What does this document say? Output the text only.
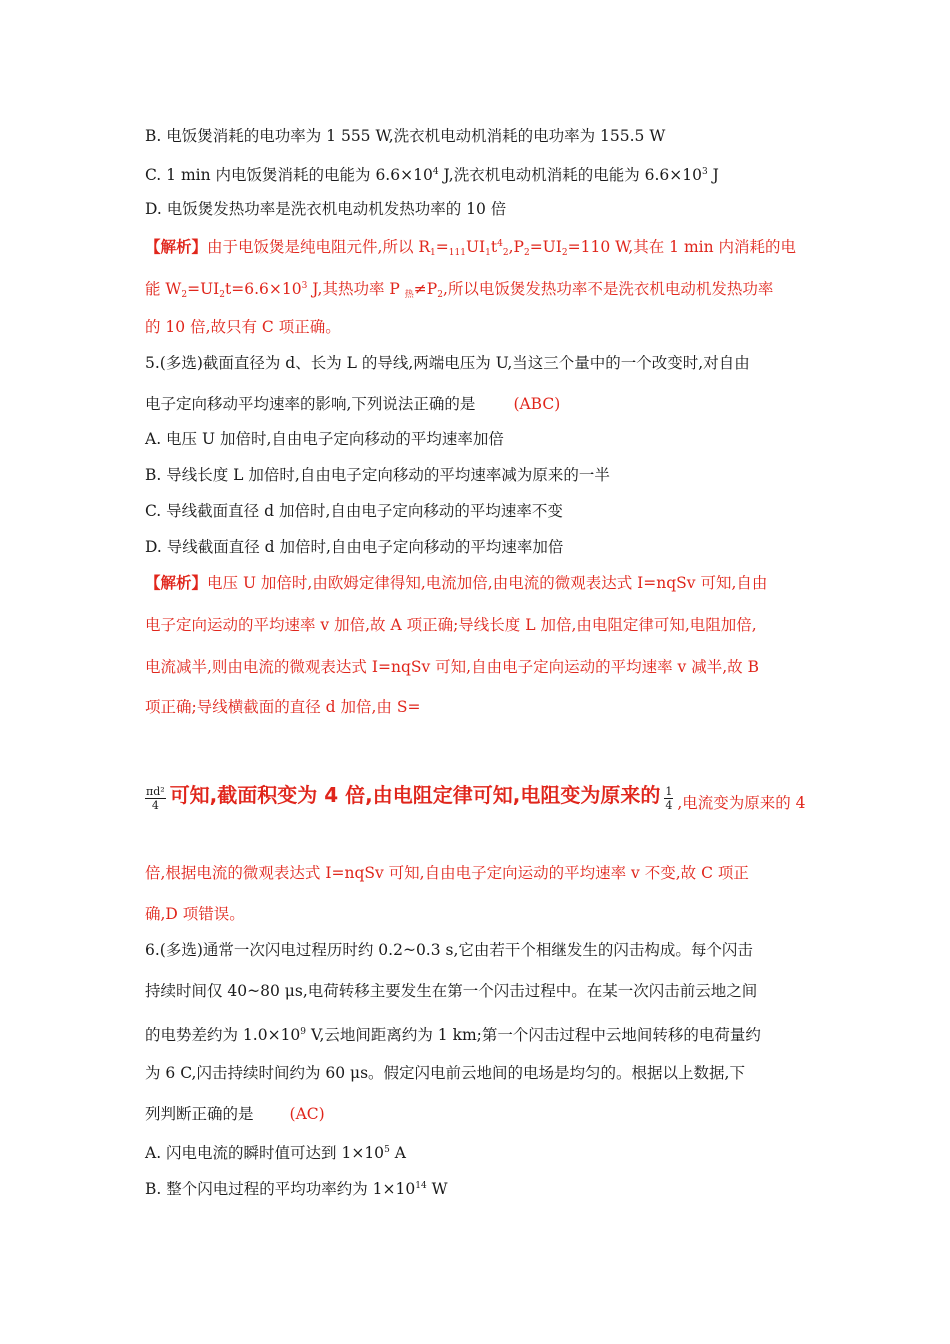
B. 电饭煲消耗的电功率为 1 555 W,洗衣机电动机消耗的电功率为 155.5 W
C. 1 min 内电饭煲消耗的电能为 $6.6\times 10^4$ J,洗衣机电动机消耗的电能为 $6.6\times 10^3$ J
D. 电饭煲发热功率是洗衣机电动机发热功率的 10 倍
【解析】由于电饭煲是纯电阻元件,所以 $R_1=_{111}UI_1t^4_2,P_2=UI_2=110$ W,其在 1 min 内消耗的电
能 $W_2=UI_2t=6.6\times 10^3$ J,其热功率 P $_热\ne P_2$,所以电饭煲发热功率不是洗衣机电动机发热功率
的 10 倍,故只有 C 项正确。
5.(多选)截面直径为 d、长为 L 的导线,两端电压为 U,当这三个量中的一个改变时,对自由
电子定向移动平均速率的影响,下列说法正确的是 (ABC)
A. 电压 U 加倍时,自由电子定向移动的平均速率加倍
B. 导线长度 L 加倍时,自由电子定向移动的平均速率减为原来的一半
C. 导线截面直径 d 加倍时,自由电子定向移动的平均速率不变
D. 导线截面直径 d 加倍时,自由电子定向移动的平均速率加倍
【解析】电压 U 加倍时,由欧姆定律得知,电流加倍,由电流的微观表达式 I=nqSv 可知,自由
电子定向运动的平均速率 v 加倍,故 A 项正确;导线长度 L 加倍,由电阻定律可知,电阻加倍,
电流减半,则由电流的微观表达式 I=nqSv 可知,自由电子定向运动的平均速率 v 减半,故 B
项正确;导线横截面的直径 d 加倍,由 S=
$\frac{\text{πd²}}{4}$ 可知,截面积变为 4 倍,由电阻定律可知,电阻变为原来的 $\frac{1}{4}$ ,电流变为原来的 4
倍,根据电流的微观表达式 I=nqSv 可知,自由电子定向运动的平均速率 v 不变,故 C 项正
确,D 项错误。
6.(多选)通常一次闪电过程历时约 0.2~0.3 s,它由若干个相继发生的闪击构成。每个闪击
持续时间仅 40~80 μs,电荷转移主要发生在第一个闪击过程中。在某一次闪击前云地之间
的电势差约为 $1.0\times 10^9$ V,云地间距离约为 1 km;第一个闪击过程中云地间转移的电荷量约
为 6 C,闪击持续时间约为 60 μs。假定闪电前云地间的电场是均匀的。根据以上数据,下
列判断正确的是 (AC)
A. 闪电电流的瞬时值可达到 $1\times 10^5$ A
B. 整个闪电过程的平均功率约为 $1\times 10^{14}$ W
